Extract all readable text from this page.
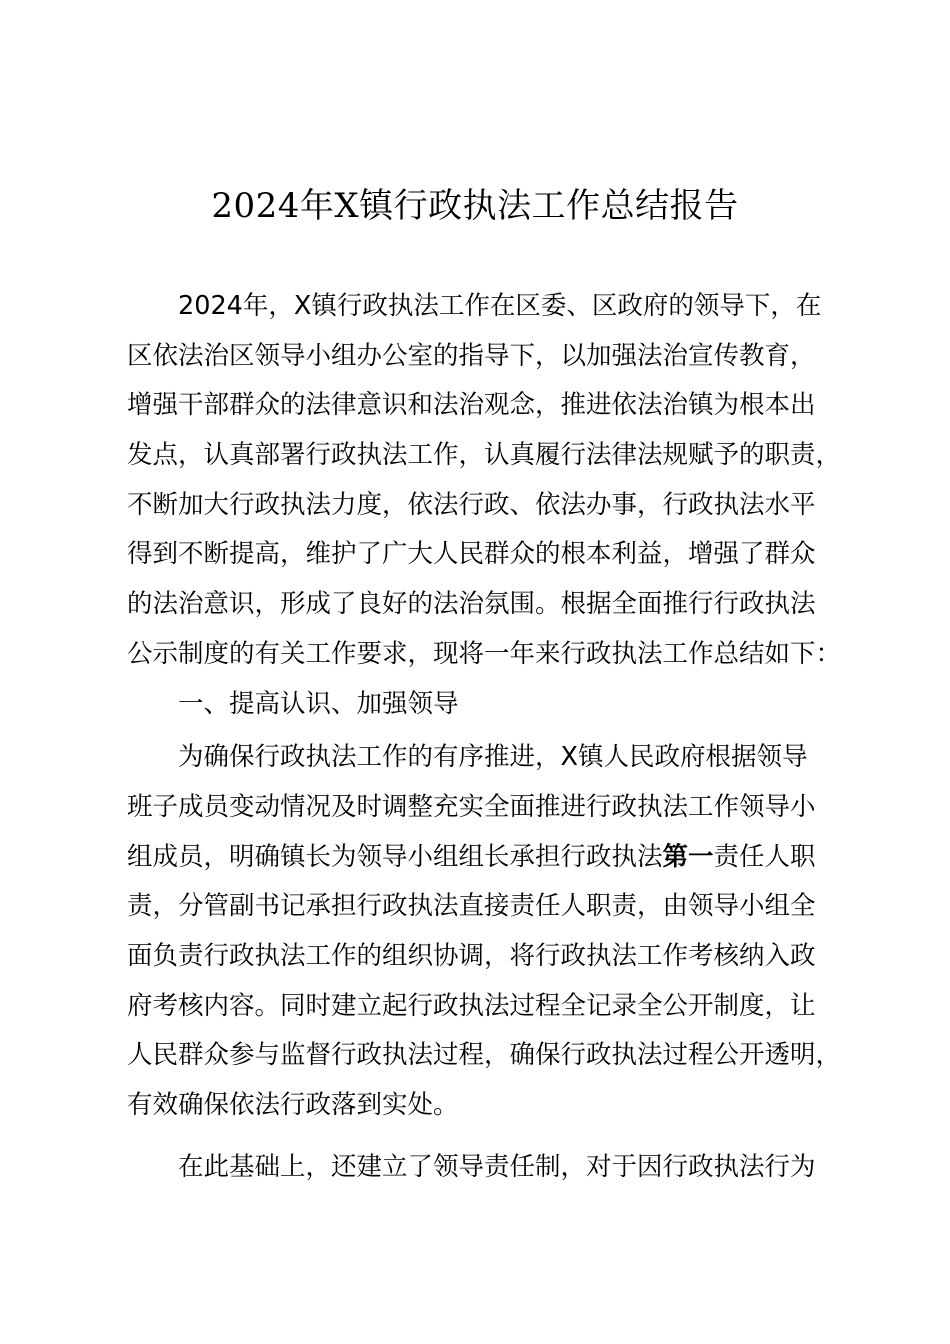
2024年X镇行政执法工作总结报告
2024年，X镇行政执法工作在区委、区政府的领导下，在
区依法治区领导小组办公室的指导下，以加强法治宣传教育，
增强干部群众的法律意识和法治观念，推进依法治镇为根本出
发点，认真部署行政执法工作，认真履行法律法规赋予的职责，
不断加大行政执法力度，依法行政、依法办事，行政执法水平
得到不断提高，维护了广大人民群众的根本利益，增强了群众
的法治意识，形成了良好的法治氛围。根据全面推行行政执法
公示制度的有关工作要求，现将一年来行政执法工作总结如下：
一、提高认识、加强领导
为确保行政执法工作的有序推进，X镇人民政府根据领导
班子成员变动情况及时调整充实全面推进行政执法工作领导小
组成员，明确镇长为领导小组组长承担行政执法第一责任人职
责，分管副书记承担行政执法直接责任人职责，由领导小组全
面负责行政执法工作的组织协调，将行政执法工作考核纳入政
府考核内容。同时建立起行政执法过程全记录全公开制度，让
人民群众参与监督行政执法过程，确保行政执法过程公开透明，
有效确保依法行政落到实处。
在此基础上，还建立了领导责任制，对于因行政执法行为
